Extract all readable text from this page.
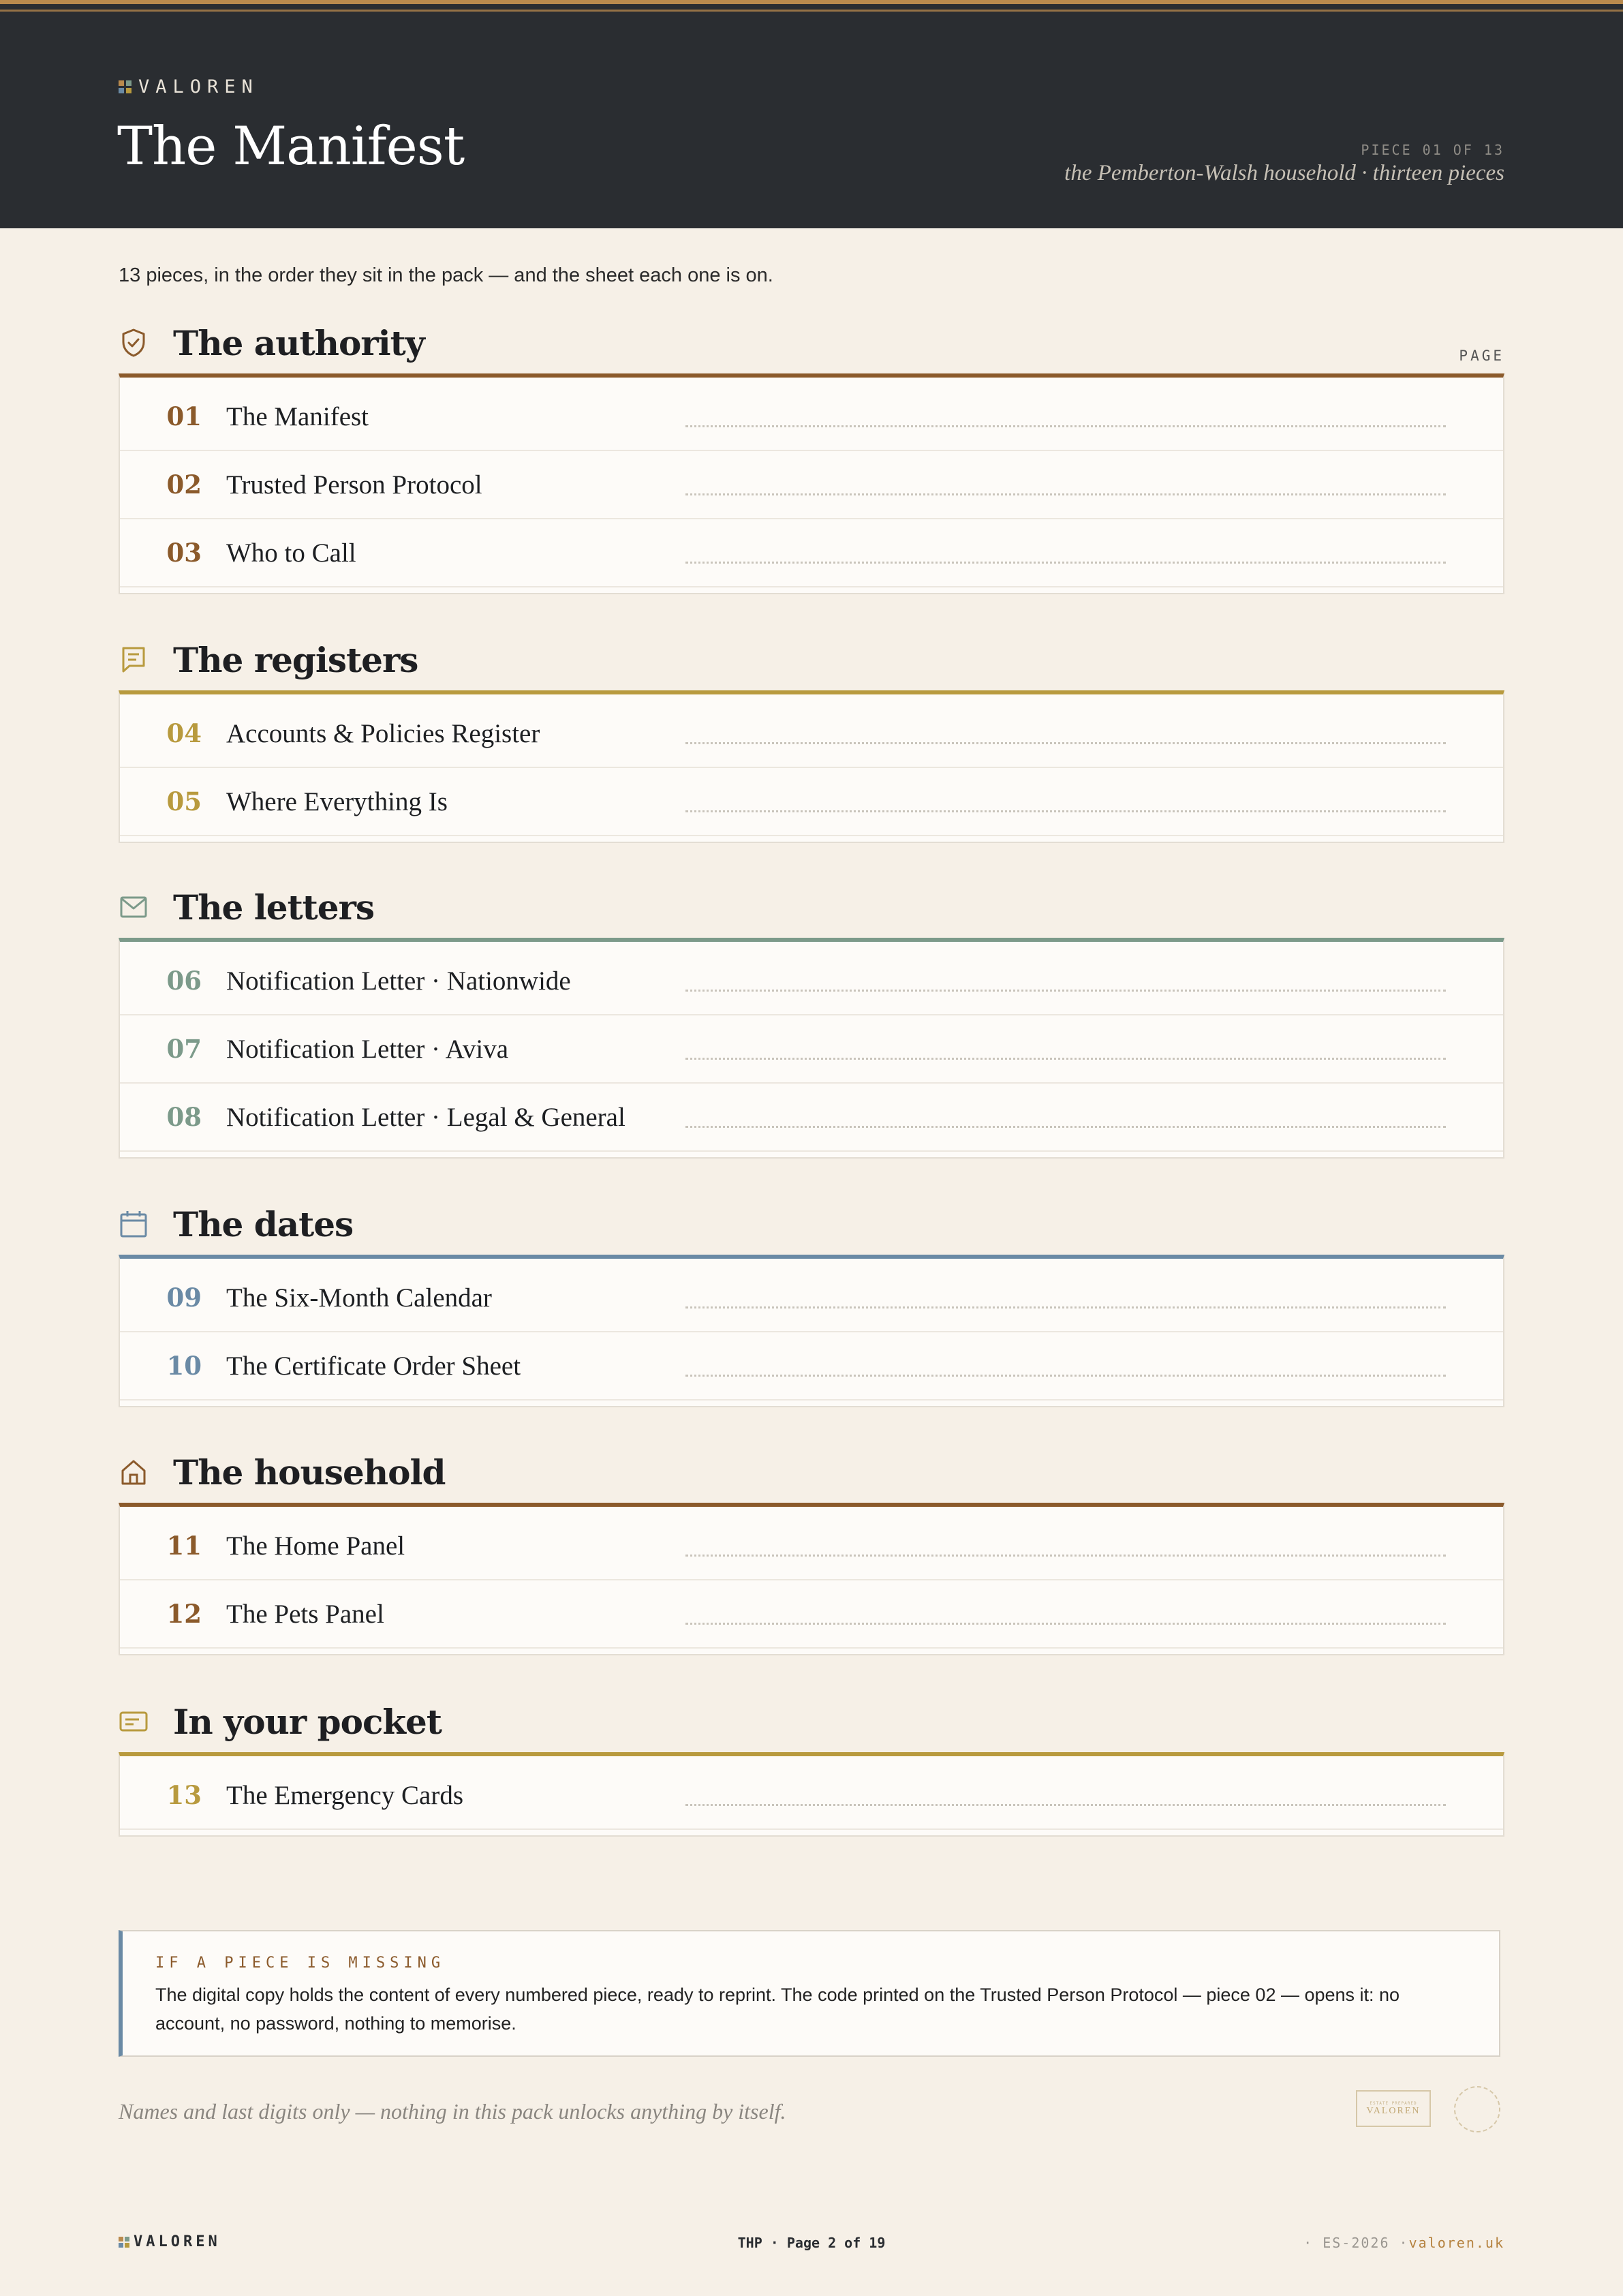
VALOREN
The Manifest	PIECE 01 OF 13
the Pemberton-Walsh household · thirteen pieces
13 pieces, in the order they sit in the pack — and the sheet each one is on.
PAGE
The authority
01 The Manifest
02 Trusted Person Protocol
03 Who to Call
The registers
04 Accounts & Policies Register
05 Where Everything Is
The letters
06 Notification Letter · Nationwide
07 Notification Letter · Aviva
08 Notification Letter · Legal & General
The dates
09 The Six-Month Calendar
10 The Certificate Order Sheet
The household
11 The Home Panel
12 The Pets Panel
In your pocket
13 The Emergency Cards
IF A PIECE IS MISSING
The digital copy holds the content of every numbered piece, ready to reprint. The code printed on the Trusted Person Protocol — piece 02 — opens it: no account, no password, nothing to memorise.
Names and last digits only — nothing in this pack unlocks anything by itself.	ESTATE PREPARED
VALOREN
VALOREN	THP · Page 2 of 19	· ES-2026 ·valoren.uk
